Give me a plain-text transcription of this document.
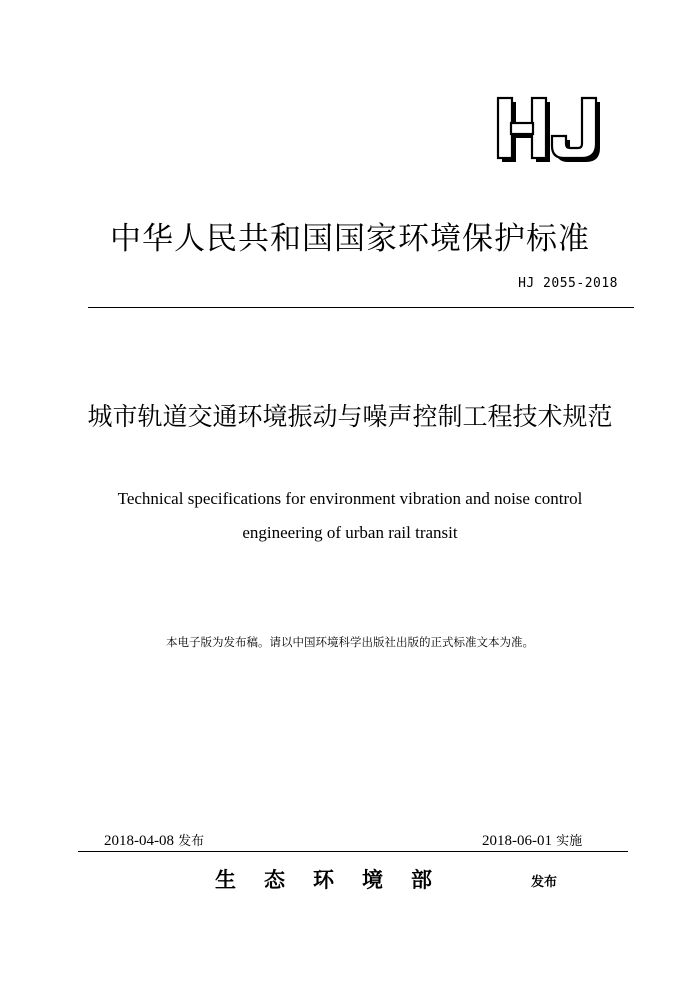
中华人民共和国国家环境保护标准
HJ 2055-2018
城市轨道交通环境振动与噪声控制工程技术规范
Technical specifications for environment vibration and noise control
engineering of urban rail transit
本电子版为发布稿。请以中国环境科学出版社出版的正式标准文本为准。
2018-04-08 发布	2018-06-01 实施
生态环境部	发布
